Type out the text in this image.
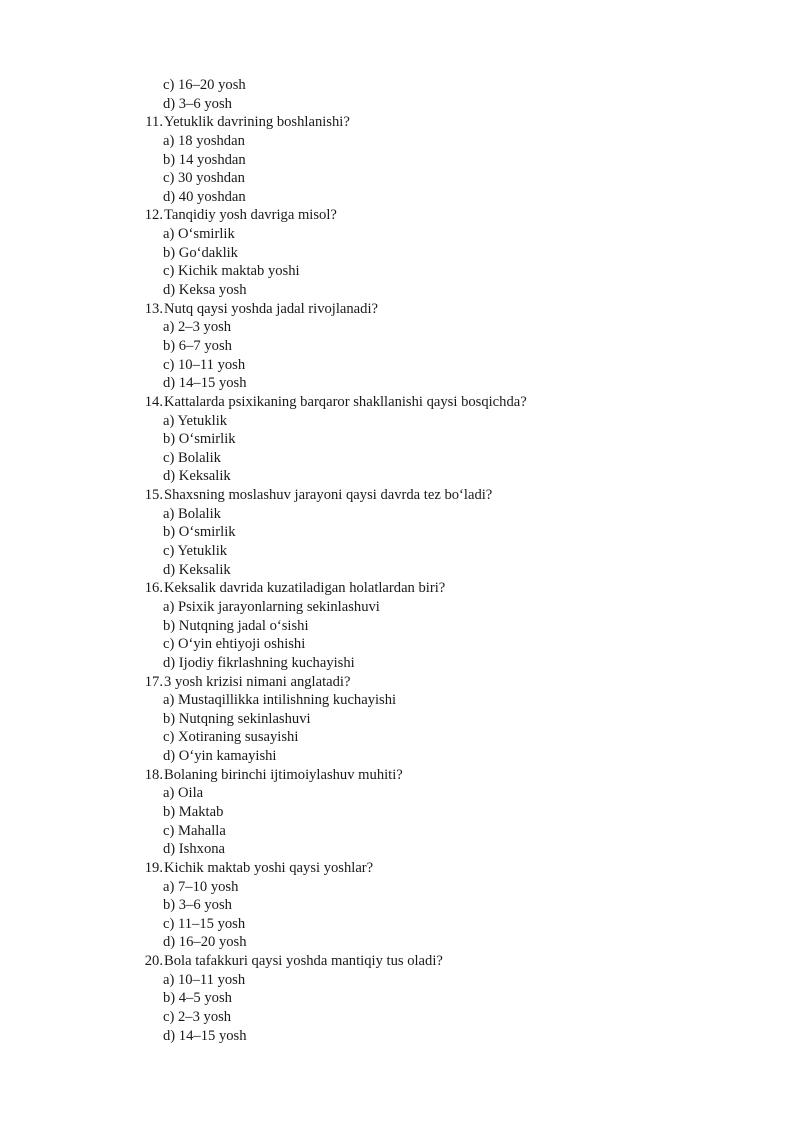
c) 16–20 yosh
d) 3–6 yosh
11. Yetuklik davrining boshlanishi?
a) 18 yoshdan
b) 14 yoshdan
c) 30 yoshdan
d) 40 yoshdan
12. Tanqidiy yosh davriga misol?
a) O‘smirlik
b) Go‘daklik
c) Kichik maktab yoshi
d) Keksa yosh
13. Nutq qaysi yoshda jadal rivojlanadi?
a) 2–3 yosh
b) 6–7 yosh
c) 10–11 yosh
d) 14–15 yosh
14. Kattalarda psixikaning barqaror shakllanishi qaysi bosqichda?
a) Yetuklik
b) O‘smirlik
c) Bolalik
d) Keksalik
15. Shaxsning moslashuv jarayoni qaysi davrda tez bo‘ladi?
a) Bolalik
b) O‘smirlik
c) Yetuklik
d) Keksalik
16. Keksalik davrida kuzatiladigan holatlardan biri?
a) Psixik jarayonlarning sekinlashuvi
b) Nutqning jadal o‘sishi
c) O‘yin ehtiyoji oshishi
d) Ijodiy fikrlashning kuchayishi
17. 3 yosh krizisi nimani anglatadi?
a) Mustaqillikka intilishning kuchayishi
b) Nutqning sekinlashuvi
c) Xotiraning susayishi
d) O‘yin kamayishi
18. Bolaning birinchi ijtimoiylashuv muhiti?
a) Oila
b) Maktab
c) Mahalla
d) Ishxona
19. Kichik maktab yoshi qaysi yoshlar?
a) 7–10 yosh
b) 3–6 yosh
c) 11–15 yosh
d) 16–20 yosh
20. Bola tafakkuri qaysi yoshda mantiqiy tus oladi?
a) 10–11 yosh
b) 4–5 yosh
c) 2–3 yosh
d) 14–15 yosh
